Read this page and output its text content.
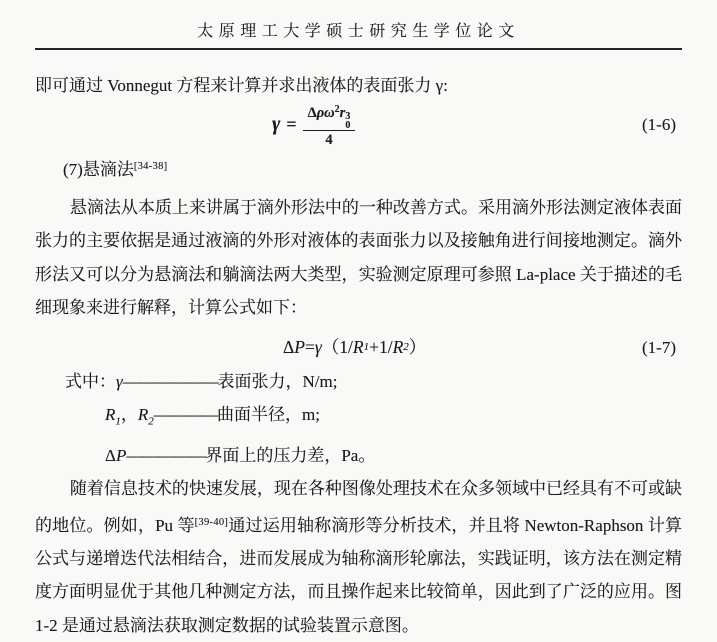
太原理工大学硕士研究生学位论文

即可通过 Vonnegut 方程来计算并求出液体的表面张力 γ:

γ = Δρω$^2$r 3
0
4	(1-6)

(7)悬滴法[34-38]

悬滴法从本质上来讲属于滴外形法中的一种改善方式。采用滴外形法测定液体表面
张力的主要依据是通过液滴的外形对液体的表面张力以及接触角进行间接地测定。滴外
形法又可以分为悬滴法和躺滴法两大类型，实验测定原理可参照 La-place 关于描述的毛
细现象来进行解释，计算公式如下：
Δ P = γ （1/ R 1 +1/ R 2 ）	(1-7)
式中：γ——————表面张力，N/m;
$R_1$，$R_2————$曲面半径，m;
ΔP—————界面上的压力差，Pa。
随着信息技术的快速发展，现在各种图像处理技术在众多领域中已经具有不可或缺
的地位。例如，Pu 等[39-40]通过运用轴称滴形等分析技术，并且将 Newton-Raphson 计算
公式与递增迭代法相结合，进而发展成为轴称滴形轮廓法，实践证明，该方法在测定精
度方面明显优于其他几种测定方法，而且操作起来比较简单，因此到了广泛的应用。图
1-2 是通过悬滴法获取测定数据的试验装置示意图。
